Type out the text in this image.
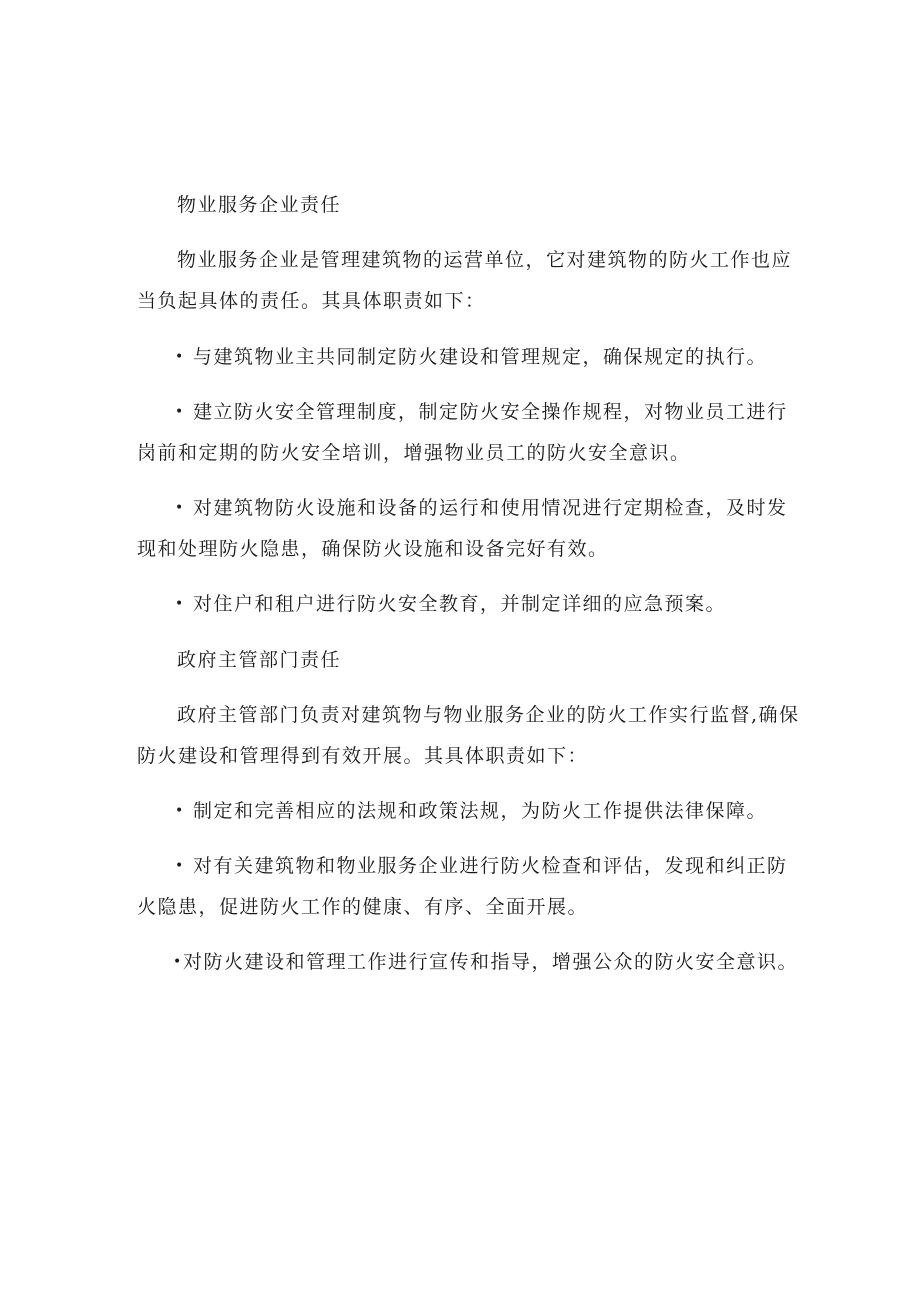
物业服务企业责任
物业服务企业是管理建筑物的运营单位，它对建筑物的防火工作也应
当负起具体的责任。其具体职责如下：
• 与建筑物业主共同制定防火建设和管理规定，确保规定的执行。
• 建立防火安全管理制度，制定防火安全操作规程，对物业员工进行
岗前和定期的防火安全培训，增强物业员工的防火安全意识。
• 对建筑物防火设施和设备的运行和使用情况进行定期检查，及时发
现和处理防火隐患，确保防火设施和设备完好有效。
• 对住户和租户进行防火安全教育，并制定详细的应急预案。
政府主管部门责任
政府主管部门负责对建筑物与物业服务企业的防火工作实行监督,确保
防火建设和管理得到有效开展。其具体职责如下：
• 制定和完善相应的法规和政策法规，为防火工作提供法律保障。
• 对有关建筑物和物业服务企业进行防火检查和评估，发现和纠正防
火隐患，促进防火工作的健康、有序、全面开展。
•对防火建设和管理工作进行宣传和指导，增强公众的防火安全意识。
